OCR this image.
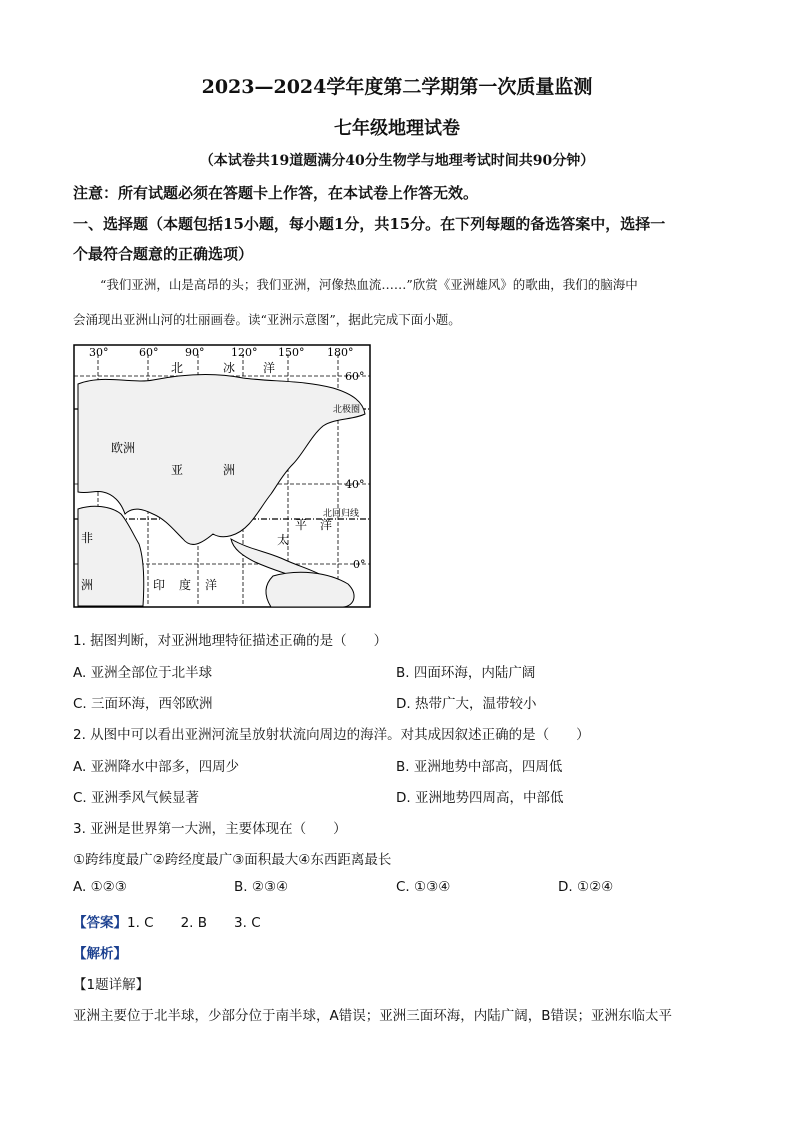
2023—2024学年度第二学期第一次质量监测
七年级地理试卷
（本试卷共19道题满分40分生物学与地理考试时间共90分钟）
注意：所有试题必须在答题卡上作答，在本试卷上作答无效。
一、选择题（本题包括15小题，每小题1分，共15分。在下列每题的备选答案中，选择一
个最符合题意的正确选项）
“我们亚洲，山是高昂的头；我们亚洲，河像热血流……”欣赏《亚洲雄风》的歌曲，我们的脑海中
会涌现出亚洲山河的壮丽画卷。读“亚洲示意图”，据此完成下面小题。
30°	60° 90° 120° 150° 180°
60°
40°
0°
北极圈
北回归线
北	冰 洋
欧洲
亚	洲
非
洲	印 度 洋
太
平 洋
1. 据图判断，对亚洲地理特征描述正确的是（　　）
A. 亚洲全部位于北半球	B. 四面环海，内陆广阔
C. 三面环海，西邻欧洲	D. 热带广大，温带较小
2. 从图中可以看出亚洲河流呈放射状流向周边的海洋。对其成因叙述正确的是（　　）
A. 亚洲降水中部多，四周少	B. 亚洲地势中部高，四周低
C. 亚洲季风气候显著	D. 亚洲地势四周高，中部低
3. 亚洲是世界第一大洲，主要体现在（　　）
①跨纬度最广②跨经度最广③面积最大④东西距离最长
A. ①②③	B. ②③④	C. ①③④	D. ①②④
【答案】1. C　　2. B　　3. C
【解析】
【1题详解】
亚洲主要位于北半球，少部分位于南半球，A错误；亚洲三面环海，内陆广阔，B错误；亚洲东临太平
